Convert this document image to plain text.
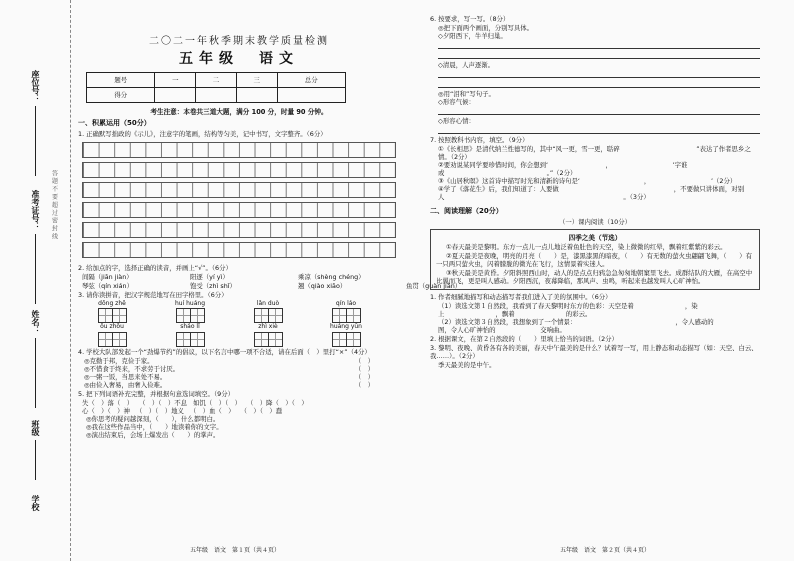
座位号：
准考证号：
姓名：
班级
学校
答 题 不 要 超 过 密 封 线
二〇二一年秋季期末教学质量检测
五年级　语文
题号	一	二	三	总分
得分				
考生注意：本卷共三道大题，满分 100 分，时量 90 分钟。
一、积累运用（50分）
1. 正确默写拙政的《示儿》，注意字的笔画，结构等匀美，记中书写，文字整齐。（6分）
2. 给加点的字，选择正确的读音，并画上“√”。（6分）
间隔（jiān jiàn）	阳逐（yí yì）	乘凉（shèng chéng）
琴弦（qín xián）	饱受（zhì shǐ）	翘（qiào xiāo）	鱼贯（guàn jiǎn）
3. 请你读拼音，把汉字规范地写在田字格里。（6分）
dōng zhē	huí huáng	lǎn duò	qín láo
ōu zhōu	sháo lǐ	zhì xiè	huáng yūn
4. 学校大队部发起一个“劲爆节约”的倡议，以下名言中哪一项不合适，请在后面（　）里打“×”（4分）
◎克勤于邦，克俭于家。	（　）
◎不惜食于终来，不求劳于讨厌。	（　）
◎一粥一饭，当思来处不易。	（　）
◎由俭入奢易，由奢入俭难。	（　）
5. 把下列词语补充完整，并根据句意选词填空。（9分）
失（　）落（　） （　）（　）不息 如饥（　）（　） （　）降（　）（　）
心（　）（　）神 （　）（　）地义 （　）血（　） （　）（　）蠢
◎你思考的疑问越深刻，（　　），什么都明白。
◎我在这些作品当中，（　　）地读着你的文字。
◎演出结束后，会场上爆发出（　　）的掌声。
五年级　语文　第１页（共４页）
6. 按要求，写一写。（8分）
◎把下面两个画面，分别写具体。
◇夕阳西下，牛羊归巢。
◇清晨，人声逐渐。
◎用“泪和”写句子。
◇形容气候：
◇形容心情：
7. 按照教科书内容，填空。（9分）
①《长相思》是清代纳兰性德写的，其中“风一更，雪一更，聒碎　　　　　　　　　　　　”表达了作者思乡之情。（2分）
②要劝说某同学要珍惜时间，你会想到‘　　　　　　　　　，　　　　　　　　　　’字谁或　　　　　　　　　　　　　　　　。”（2分）
③《山居秋暝》这首诗中描写时光和清新的诗句是‘　　　　　　　　　　，　　　　　　　　　　’（2分）
④学了《落花生》后，我们知道了：人要做　　　　　　　　　　　　　　　　　　，不要做只讲体面，对别人　　　　　　　　　　　　　　　　　　　　　　　　　　　　。（3分）
二、阅读理解（20分）
（一）课内阅读（10分）
四季之美（节选）

①春天最美是黎明。东方一点儿一点儿地泛着鱼肚色的天空，染上微微的红晕，飘着红紫紫的彩云。

②夏天最美是夜晚，明亮的月亮（　　）是，漆黑漆黑的暗夜，（　　）有无数的萤火虫翩翩飞舞，（　　）有一只两只萤火虫，闪着朦胧的微光在飞行，这情景着实迷人。

③秋天最美是黄昏。夕阳斜照西山时，动人的是点点归鸦急急匆匆地朝窠里飞去。成群结队的大雁，在高空中比翼而飞，更是叫人感动。夕阳西沉，夜幕降临，那风声、虫鸣，听起来也越发叫人心旷神怡。

1. 作者细腻地描写和动态描写者我们进入了美的氛围中。（6分）
（1）读选文第１自然段，我看到了春天黎明时东方的色彩：天空是着　　　　　　　　，染上　　　　　　　　，飘着　　　　　　　　的彩云。
（2）读选文第３自然段，我想象到了一个情景：　　　　　　　　　　　　　　　　，令人感动的　　　　　　图，令人心旷神怡的　　　　　　　交响曲。
2. 根据课文，在第２自然段的（　　）里填上恰当的词语。（2分）
3. 黎明、夜晚、黄昏各有各的美丽，春天中午最美的是什么？试着写一写，用上静态和动态描写（如：天空、白云、我……）。（2分）
季天最美的是中午。
五年级　语文　第２页（共４页）
